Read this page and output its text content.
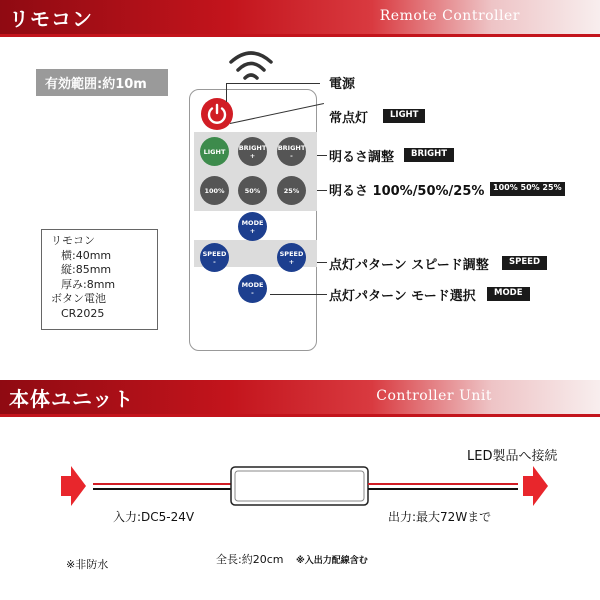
リモコン	Remote Controller
有効範囲:約10m
リモコン
横:40mm
縦:85mm
厚み:8mm
ボタン電池
CR2025
LIGHT BRIGHT
+
BRIGHT
-
100%	50%	25%
MODE
+
SPEED
-
SPEED
+
MODE
-
電源
常点灯	LIGHT
明るさ調整	BRIGHT
明るさ 100%/50%/25%	100% 50% 25%
点灯パターン スピード調整	SPEED
点灯パターン モード選択	MODE
本体ユニット	Controller Unit
LED製品へ接続
入力:DC5-24V	出力:最大72Wまで
全長:約20cm ※入出力配線含む
※非防水
